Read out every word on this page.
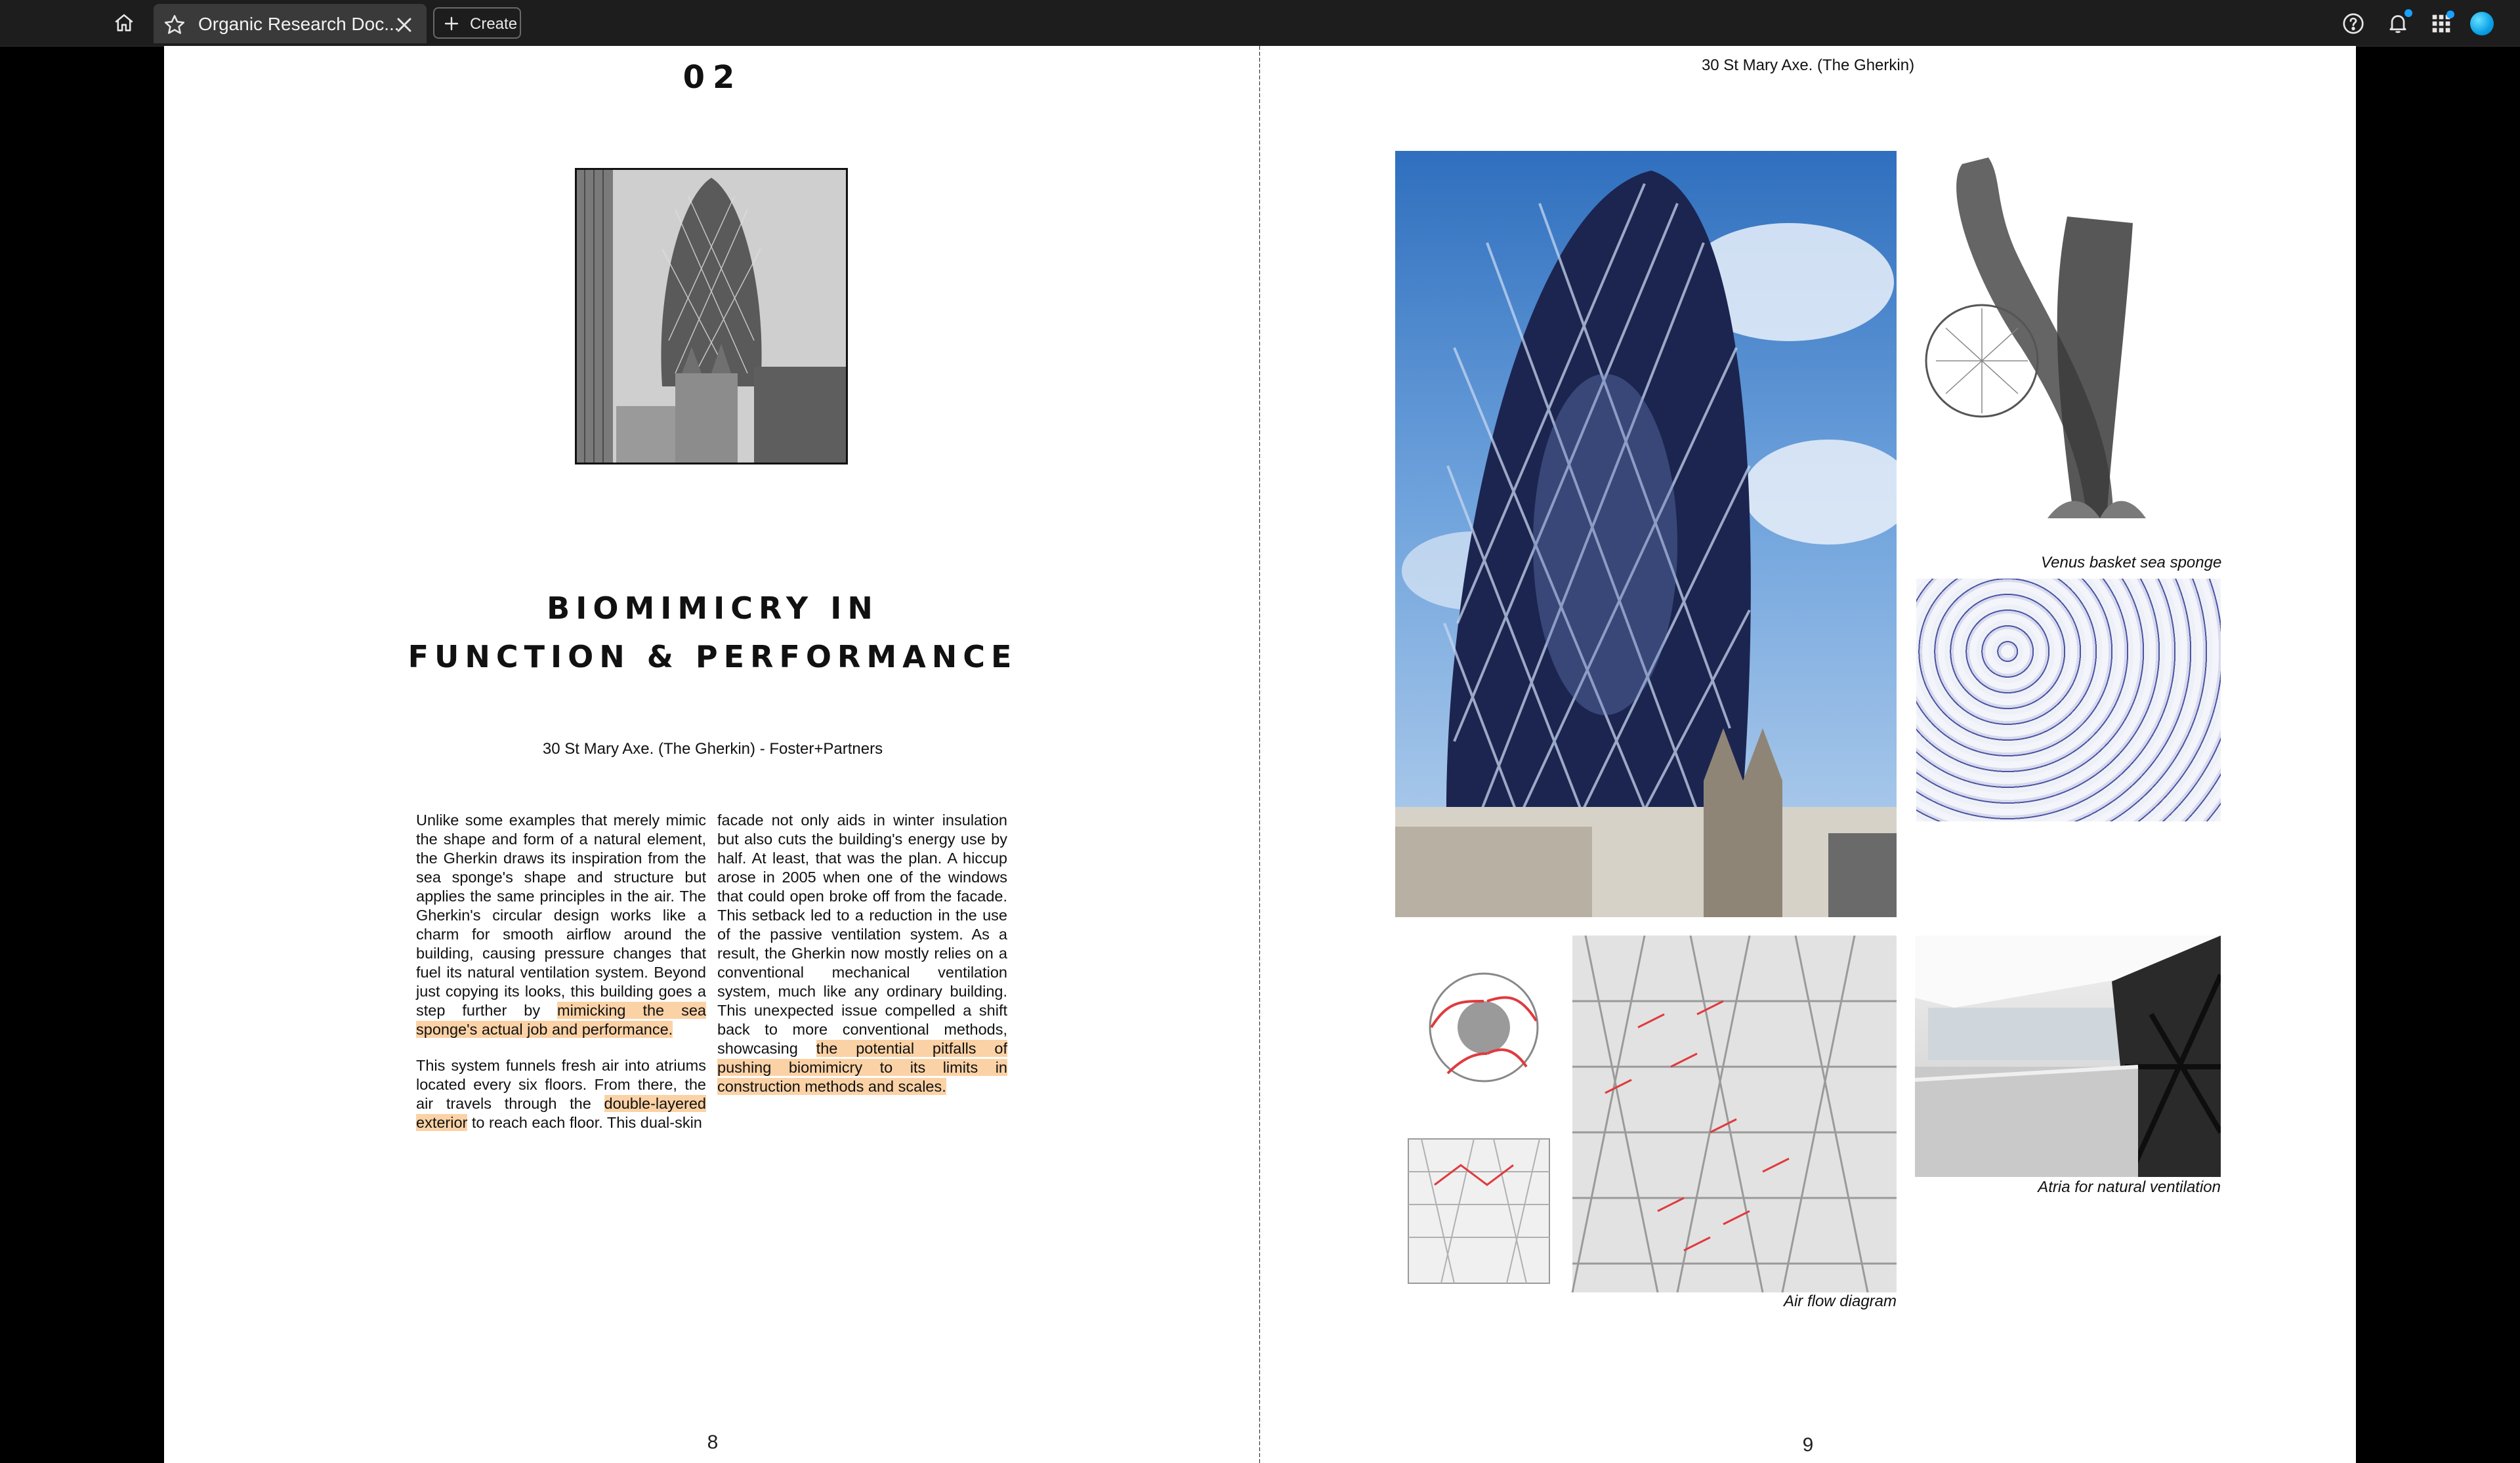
Organic Research Doc...	Create
02
BIOMIMICRY IN
FUNCTION & PERFORMANCE
30 St Mary Axe. (The Gherkin) - Foster+Partners

Unlike some examples that merely mimic the shape and form of a natural element, the Gherkin draws its inspiration from the sea sponge's shape and structure but applies the same principles in the air. The Gherkin's circular design works like a charm for smooth airflow around the building, causing pressure changes that fuel its natural ventilation system. Beyond just copying its looks, this building goes a step further by mimicking the sea sponge's actual job and performance.

This system funnels fresh air into atriums located every six floors. From there, the air travels through the double-layered exterior to reach each floor. This dual-skin

facade not only aids in winter insulation but also cuts the building's energy use by half. At least, that was the plan. A hiccup arose in 2005 when one of the windows that could open broke off from the facade. This setback led to a reduction in the use of the passive ventilation system. As a result, the Gherkin now mostly relies on a conventional mechanical ventilation system, much like any ordinary building. This unexpected issue compelled a shift back to more conventional methods, showcasing the potential pitfalls of pushing biomimicry to its limits in construction methods and scales.

8
30 St Mary Axe. (The Gherkin)
Venus basket sea sponge
Air flow diagram
Atria for natural ventilation
9
